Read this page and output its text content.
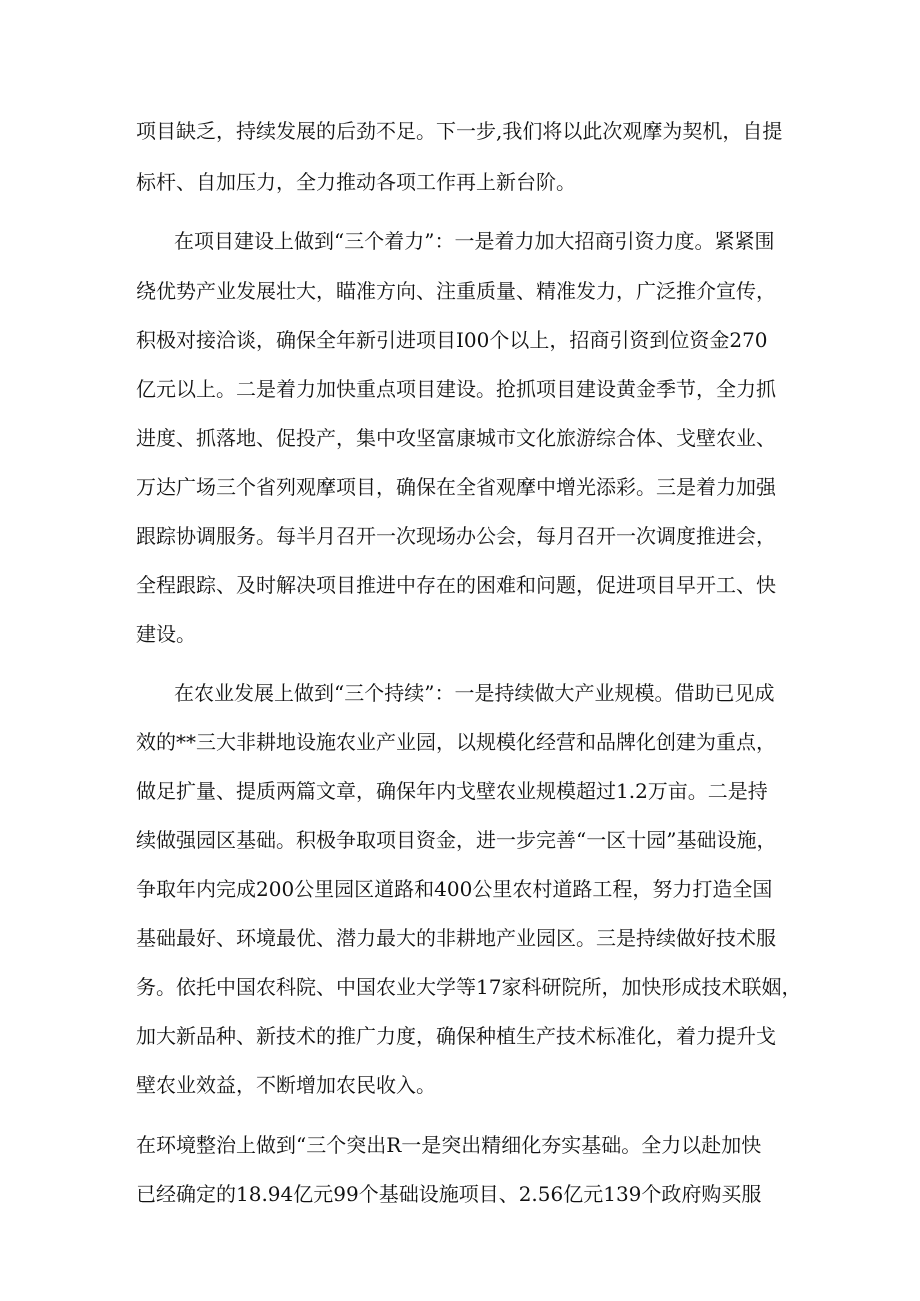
项目缺乏，持续发展的后劲不足。下一步,我们将以此次观摩为契机，自提

标杆、自加压力，全力推动各项工作再上新台阶。

在项目建设上做到“三个着力”：一是着力加大招商引资力度。紧紧围

绕优势产业发展壮大，瞄准方向、注重质量、精准发力，广泛推介宣传，

积极对接洽谈，确保全年新引进项目I00个以上，招商引资到位资金270

亿元以上。二是着力加快重点项目建设。抢抓项目建设黄金季节，全力抓

进度、抓落地、促投产，集中攻坚富康城市文化旅游综合体、戈壁农业、

万达广场三个省列观摩项目，确保在全省观摩中增光添彩。三是着力加强

跟踪协调服务。每半月召开一次现场办公会，每月召开一次调度推进会，

全程跟踪、及时解决项目推进中存在的困难和问题，促进项目早开工、快

建设。

在农业发展上做到“三个持续”：一是持续做大产业规模。借助已见成

效的**三大非耕地设施农业产业园，以规模化经营和品牌化创建为重点，

做足扩量、提质两篇文章，确保年内戈壁农业规模超过1.2万亩。二是持

续做强园区基础。积极争取项目资金，进一步完善“一区十园”基础设施，

争取年内完成200公里园区道路和400公里农村道路工程，努力打造全国

基础最好、环境最优、潜力最大的非耕地产业园区。三是持续做好技术服

务。依托中国农科院、中国农业大学等17家科研院所，加快形成技术联姻，

加大新品种、新技术的推广力度，确保种植生产技术标准化，着力提升戈

壁农业效益，不断增加农民收入。

在环境整治上做到“三个突出R一是突出精细化夯实基础。全力以赴加快

已经确定的18.94亿元99个基础设施项目、2.56亿元139个政府购买服
